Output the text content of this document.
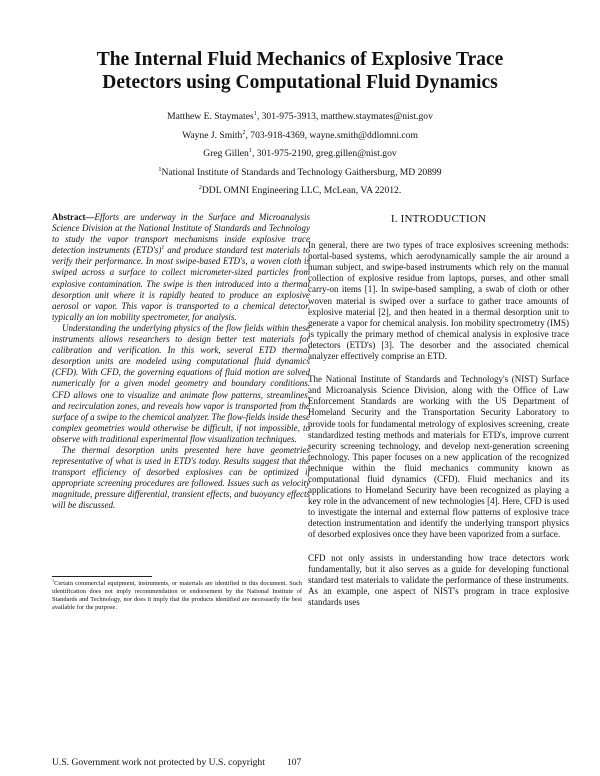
The Internal Fluid Mechanics of Explosive Trace
Detectors using Computational Fluid Dynamics
Matthew E. Staymates$^1$, 301-975-3913, matthew.staymates@nist.gov
Wayne J. Smith$^2$, 703-918-4369, wayne.smith@ddlomni.com
Greg Gillen$^1$, 301-975-2190, greg.gillen@nist.gov
$^1$National Institute of Standards and Technology Gaithersburg, MD 20899
$^2$DDL OMNI Engineering LLC, McLean, VA 22012.

Abstract—Efforts are underway in the Surface and Microanalysis Science Division at the National Institute of Standards and Technology to study the vapor transport mechanisms inside explosive trace detection instruments $(ETD's)^1$ and produce standard test materials to verify their performance. In most swipe-based ETD's, a woven cloth is swiped across a surface to collect micrometer-sized particles from explosive contamination. The swipe is then introduced into a thermal desorption unit where it is rapidly heated to produce an explosive aerosol or vapor. This vapor is transported to a chemical detector, typically an ion mobility spectrometer, for analysis.

Understanding the underlying physics of the flow fields within these instruments allows researchers to design better test materials for calibration and verification. In this work, several ETD thermal desorption units are modeled using computational fluid dynamics (CFD). With CFD, the governing equations of fluid motion are solved numerically for a given model geometry and boundary conditions. CFD allows one to visualize and animate flow patterns, streamlines, and recirculation zones, and reveals how vapor is transported from the surface of a swipe to the chemical analyzer. The flow-fields inside these complex geometries would otherwise be difficult, if not impossible, to observe with traditional experimental flow visualization techniques.

The thermal desorption units presented here have geometries representative of what is used in ETD's today. Results suggest that the transport efficiency of desorbed explosives can be optimized if appropriate screening procedures are followed. Issues such as velocity magnitude, pressure differential, transient effects, and buoyancy effects will be discussed.

$^1$Certain commercial equipment, instruments, or materials are identified in this document. Such identification does not imply recommendation or endorsement by the National Institute of Standards and Technology, nor does it imply that the products identified are necessarily the best available for the purpose.
I. INTRODUCTION

In general, there are two types of trace explosives screening methods: portal-based systems, which aerodynamically sample the air around a human subject, and swipe-based instruments which rely on the manual collection of explosive residue from laptops, purses, and other small carry-on items [1]. In swipe-based sampling, a swab of cloth or other woven material is swiped over a surface to gather trace amounts of explosive material [2], and then heated in a thermal desorption unit to generate a vapor for chemical analysis. Ion mobility spectrometry (IMS) is typically the primary method of chemical analysis in explosive trace detectors (ETD's) [3]. The desorber and the associated chemical analyzer effectively comprise an ETD.

The National Institute of Standards and Technology's (NIST) Surface and Microanalysis Science Division, along with the Office of Law Enforcement Standards are working with the US Department of Homeland Security and the Transportation Security Laboratory to provide tools for fundamental metrology of explosives screening, create standardized testing methods and materials for ETD's, improve current security screening technology, and develop next-generation screening technology. This paper focuses on a new application of the recognized technique within the fluid mechanics community known as computational fluid dynamics (CFD). Fluid mechanics and its applications to Homeland Security have been recognized as playing a key role in the advancement of new technologies [4]. Here, CFD is used to investigate the internal and external flow patterns of explosive trace detection instrumentation and identify the underlying transport physics of desorbed explosives once they have been vaporized from a surface.

CFD not only assists in understanding how trace detectors work fundamentally, but it also serves as a guide for developing functional standard test materials to validate the performance of these instruments. As an example, one aspect of NIST's program in trace explosive standards uses

U.S. Government work not protected by U.S. copyright 107
